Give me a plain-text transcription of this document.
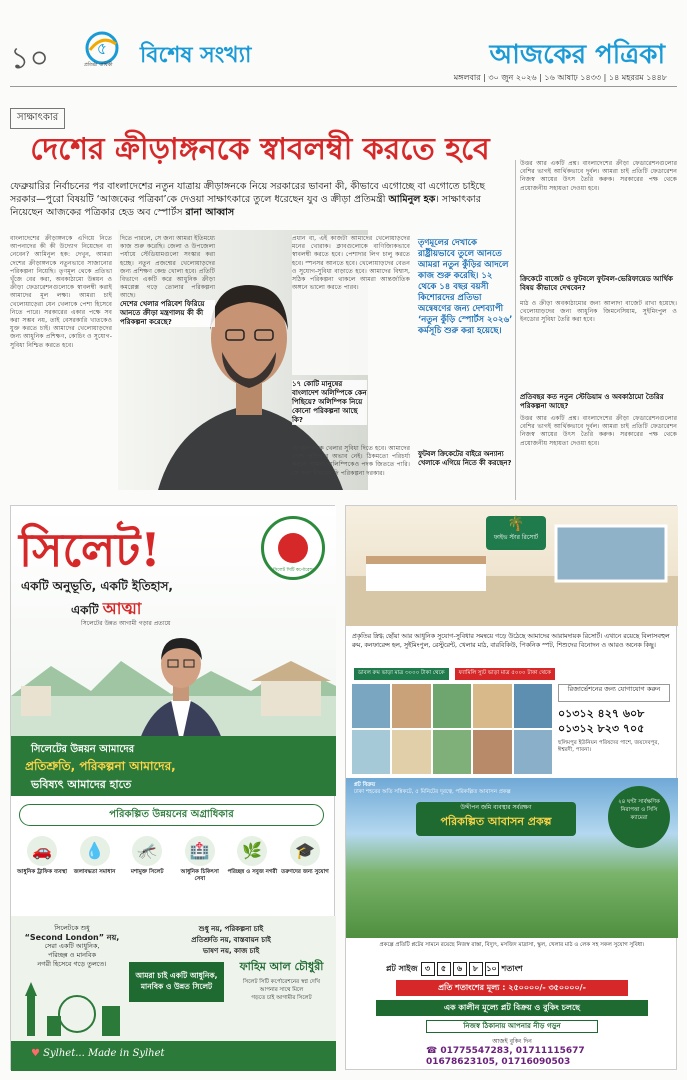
১০	৫
প্রতিষ্ঠা বার্ষিকী	বিশেষ সংখ্যা	আজকের পত্রিকা
মঙ্গলবার | ৩০ জুন ২০২৬ | ১৬ আষাঢ় ১৪৩৩ | ১৪ মহররম ১৪৪৮
সাক্ষাৎকার
দেশের ক্রীড়াঙ্গনকে স্বাবলম্বী করতে হবে
ফেব্রুয়ারির নির্বাচনের পর বাংলাদেশের নতুন যাত্রায় ক্রীড়াঙ্গনকে নিয়ে সরকারের ভাবনা কী, কীভাবে এগোচ্ছে বা এগোতে চাইছে সরকার—পুরো বিষয়টি ‘আজকের পত্রিকা’কে দেওয়া সাক্ষাৎকারে তুলে ধরেছেন যুব ও ক্রীড়া প্রতিমন্ত্রী আমিনুল হক। সাক্ষাৎকার নিয়েছেন আজকের পত্রিকার হেড অব স্পোর্টস রানা আব্বাস
বাংলাদেশের ক্রীড়াঙ্গনকে এগিয়ে নিতে আপনাদের কী কী উদ্যোগ নিয়েছেন বা নেবেন? আমিনুল হক: দেখুন, আমরা দেশের ক্রীড়াঙ্গনকে নতুনভাবে সাজানোর পরিকল্পনা নিয়েছি। তৃণমূল থেকে প্রতিভা খুঁজে বের করা, অবকাঠামো উন্নয়ন ও ক্রীড়া ফেডারেশনগুলোকে স্বাবলম্বী করাই আমাদের মূল লক্ষ্য। আমরা চাই খেলোয়াড়েরা যেন খেলাকে পেশা হিসেবে নিতে পারে। সরকারের একার পক্ষে সব করা সম্ভব নয়, তাই বেসরকারি খাতকেও যুক্ত করতে চাই। আমাদের খেলোয়াড়দের জন্য আধুনিক প্রশিক্ষণ, কোচিং ও সুযোগ-সুবিধা নিশ্চিত করতে হবে।
দিতে পারলে, সে জন্য আমরা ইতিমধ্যে কাজ শুরু করেছি। জেলা ও উপজেলা পর্যায়ে স্টেডিয়ামগুলো সংস্কার করা হচ্ছে। নতুন প্রজন্মের খেলোয়াড়দের জন্য প্রশিক্ষণ কেন্দ্র খোলা হবে। প্রতিটি বিভাগে একটি করে আধুনিক ক্রীড়া কমপ্লেক্স গড়ে তোলার পরিকল্পনা আছে।
দেশের খেলার পরিবেশ ফিরিয়ে আনতে ক্রীড়া মন্ত্রণালয় কী কী পরিকল্পনা করেছে?
প্রধান বা, এই কাজটা আমাদের খেলোয়াড়দের মনের খোরাক। ক্লাবগুলোকে বাণিজ্যিকভাবে স্বাবলম্বী করতে হবে। পেশাদার লিগ চালু করতে হবে। স্পনসর আনতে হবে। খেলোয়াড়দের বেতন ও সুযোগ-সুবিধা বাড়াতে হবে। আমাদের বিশ্বাস, সঠিক পরিকল্পনা থাকলে আমরা আন্তর্জাতিক অঙ্গনে ভালো করতে পারব।
১৭ কোটি মানুষের বাংলাদেশ অলিম্পিকে কেন পিছিয়ে? অলিম্পিক নিয়ে কোনো পরিকল্পনা আছে কি?
যে আপনাকে খেলার সুবিধা দিতে হবে। আমাদের দেশে প্রতিভার অভাব নেই। ঠিকমতো পরিচর্যা করলে আমরা অলিম্পিকেও পদক জিততে পারি। সে জন্য দীর্ঘমেয়াদি পরিকল্পনা দরকার।
তৃণমূলের দেখাকে রাষ্ট্রীয়ভাবে তুলে আনতে আমরা নতুন কুঁড়ির আদলে কাজ শুরু করেছি। ১২ থেকে ১৪ বছর বয়সী কিশোরদের প্রতিভা অন্বেষণের জন্য দেশব্যাপী ‘নতুন কুঁড়ি স্পোর্টস ২০২৬’ কর্মসূচি শুরু করা হয়েছে।
ফুটবল ক্রিকেটের বাইরে অন্যান্য খেলাকে এগিয়ে নিতে কী করছেন?
উত্তর আর একটি প্রশ্ন। বাংলাদেশের ক্রীড়া ফেডারেশনগুলোর বেশির ভাগই আর্থিকভাবে দুর্বল। আমরা চাই প্রতিটি ফেডারেশন নিজস্ব আয়ের উৎস তৈরি করুক। সরকারের পক্ষ থেকে প্রয়োজনীয় সহায়তা দেওয়া হবে।
ক্রিকেটে বাজেট ও ফুটবলে ফুটবল-ভেরিফায়েড আর্থিক বিষয় কীভাবে দেখবেন?
মাঠ ও ক্রীড়া অবকাঠামোর জন্য আলাদা বাজেট রাখা হয়েছে। খেলোয়াড়দের জন্য আধুনিক জিমনেসিয়াম, সুইমিংপুল ও ইনডোর সুবিধা তৈরি করা হবে।
প্রতিবছর কত নতুন স্টেডিয়াম ও অবকাঠামো তৈরির পরিকল্পনা আছে?
উত্তর আর একটি প্রশ্ন। বাংলাদেশের ক্রীড়া ফেডারেশনগুলোর বেশির ভাগই আর্থিকভাবে দুর্বল। আমরা চাই প্রতিটি ফেডারেশন নিজস্ব আয়ের উৎস তৈরি করুক। সরকারের পক্ষ থেকে প্রয়োজনীয় সহায়তা দেওয়া হবে।
সিলেট!
একটি অনুভূতি, একটি ইতিহাস,
একটি আত্মা
সিলেটের উন্নত আগামী গড়ার প্রত্যয়ে
সিলেট সিটি কর্পোরেশন
সিলেটের উন্নয়ন আমাদের
প্রতিশ্রুতি, পরিকল্পনা আমাদের,
ভবিষ্যৎ আমাদের হাতে
পরিকল্পিত উন্নয়নের অগ্রাধিকার
🚗
আধুনিক ট্রাফিক ব্যবস্থা
💧
জলাবদ্ধতা সমাধান
🦟
মশামুক্ত সিলেট
🏥
আধুনিক চিকিৎসা সেবা
🌿
পরিচ্ছন্ন ও সবুজ নগরী
🎓
তরুণদের জন্য সুযোগ
সিলেটকে শুধু
“Second London” নয়,
সেরা একটি আধুনিক,
পরিচ্ছন্ন ও মানবিক
নগরী হিসেবে গড়ে তুলতে।
শুধু নয়, পরিকল্পনা চাই
প্রতিশ্রুতি নয়, বাস্তবায়ন চাই
ভাষণ নয়, কাজ চাই
আমরা চাই একটি আধুনিক,
মানবিক ও উন্নত সিলেট
ফাহিম আল চৌধুরী
সিলেট সিটি কর্পোরেশনের স্বপ্ন দেখি
আপনার সাথে মিলে
গড়তে চাই আগামীর সিলেট
♥ Sylhet... Made in Sylhet
🌴
ফাইভ স্টার রিসোর্ট
প্রকৃতির স্নিগ্ধ ছোঁয়া আর আধুনিক সুযোগ-সুবিধার সমন্বয়ে গড়ে উঠেছে আমাদের আরামদায়ক রিসোর্ট। এখানে রয়েছে বিলাসবহুল রুম, কনফারেন্স হল, সুইমিংপুল, রেস্টুরেন্ট, খেলার মাঠ, বারবিকিউ, পিকনিক স্পট, শিশুদের বিনোদন ও আরও অনেক কিছু।
ডাবল রুম ভাড়া মাত্র ৩০০০ টাকা থেকে	ফ্যামিলি স্যুট ভাড়া মাত্র ৫০০০ টাকা থেকে
রিজার্ভেশনের জন্য যোগাযোগ করুন
০১৩১২ ৪২৭ ৬০৮
০১৩১২ ৮২৩ ৭০৫
ছলিমপুর ইউনিয়ন পরিষদের পাশে, জয়দেবপুর, ঈশ্বরদী, পাবনা।
প্লট বিক্রয়
ঢাকা শহরের অতি সন্নিকটে, ৫ মিনিটের দূরত্বে, পরিকল্পিত আবাসন প্রকল্প
উদ্দীপন জমি ব্যবস্থার সর্বরক্ষণ
পরিকল্পিত আবাসন প্রকল্প
২৪ ঘণ্টা সার্বক্ষণিক নিরাপত্তা ও সিসি ক্যামেরা
প্রকল্পে প্রতিটি প্লটের সামনে রয়েছে নিজস্ব রাস্তা, বিদ্যুৎ, মসজিদ মাদ্রাসা, স্কুল, খেলার মাঠ ও লেক সহ সকল সুযোগ সুবিধা।
প্লট সাইজ ৩	৫	৬	৮	১০ শতাংশ
প্রতি শতাংশের মূল্য : ২৫০০০০/- ৩৫০০০০/-
এক কালীন মূল্যে প্লট বিক্রয় ও বুকিং চলছে
নিজস্ব ঠিকানায় আপনার নীড় গড়ুন
আজই বুকিং দিন
☎ 01775547283, 01711115677
01678623105, 01716090503
